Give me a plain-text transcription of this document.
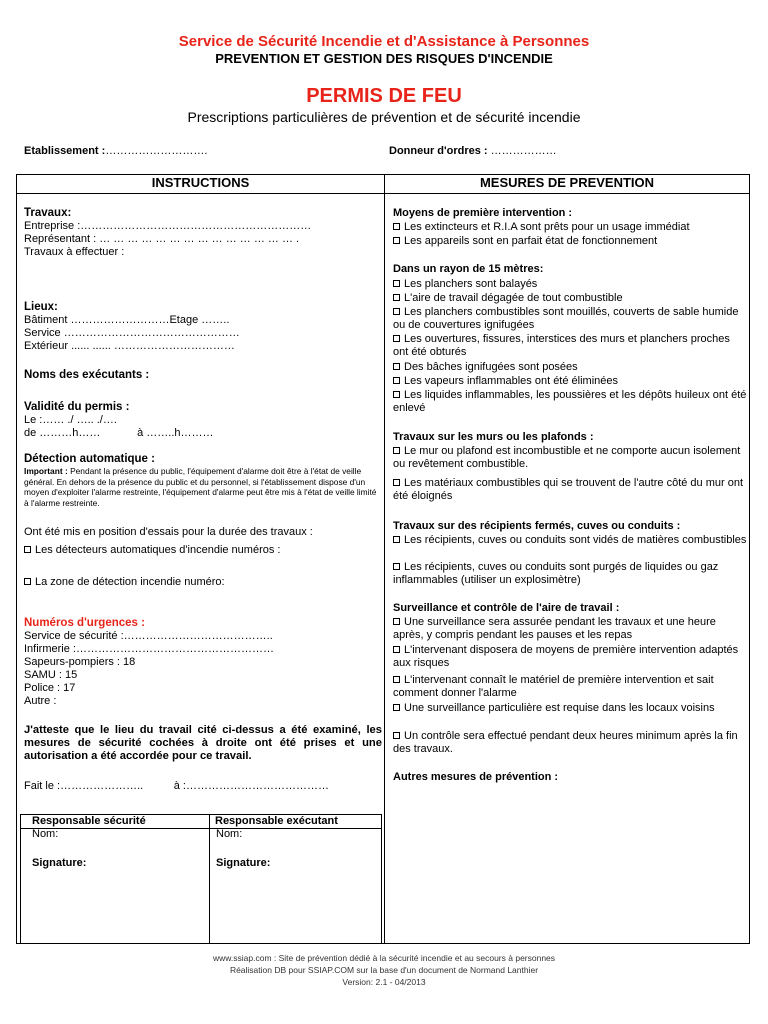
Service de Sécurité Incendie et d'Assistance à Personnes
PREVENTION ET GESTION DES RISQUES D'INCENDIE
PERMIS DE FEU
Prescriptions particulières de prévention et de sécurité incendie
Etablissement :……………………….	Donneur d'ordres : ………………
INSTRUCTIONS	MESURES DE PREVENTION
Travaux:
Entreprise :………………………………………………………
Représentant : … … … … … … … … … … … … … … .
Travaux à effectuer :
Lieux:
Bâtiment ………………………Etage ……..
Service …………………………………………
Extérieur ...... ...... ……………………………
Noms des exécutants :
Validité du permis :
Le :…… ./ ….. ./….
de ………h……            à ……..h………
Détection automatique :
Important : Pendant la présence du public, l'équipement d'alarme doit être à l'état de veille général. En dehors de la présence du public et du personnel, si l'établissement dispose d'un moyen d'exploiter l'alarme restreinte, l'équipement d'alarme peut être mis à l'état de veille limité à l'alarme restreinte.
Ont été mis en position d'essais pour la durée des travaux :
Les détecteurs automatiques d'incendie numéros :
La zone de détection incendie numéro:
Numéros d'urgences :
Service de sécurité :…………………………………..
Infirmerie :………………………………………………
Sapeurs-pompiers : 18
SAMU : 15
Police : 17
Autre :
J'atteste que le lieu du travail cité ci-dessus a été examiné, les mesures de sécurité cochées à droite ont été prises et une autorisation a été accordée pour ce travail.
Fait le :…………………..          à :…………………………………
Responsable sécurité	Responsable exécutant
Nom:	Nom:
Signature:	Signature:
Moyens de première intervention :
Les extincteurs et R.I.A sont prêts pour un usage immédiat
Les appareils sont en parfait état de fonctionnement
Dans un rayon de 15 mètres:
Les planchers sont balayés
L'aire de travail dégagée de tout combustible
Les planchers combustibles sont mouillés, couverts de sable humide ou de couvertures ignifugées
Les ouvertures, fissures, interstices des murs et planchers proches ont été obturés
Des bâches ignifugées sont posées
Les vapeurs inflammables ont été éliminées
Les liquides inflammables, les poussières et les dépôts huileux ont été enlevé
Travaux sur les murs ou les plafonds :
Le mur ou plafond est incombustible et ne comporte aucun isolement ou revêtement combustible.
Les matériaux combustibles qui se trouvent de l'autre côté du mur ont été éloignés
Travaux sur des récipients fermés, cuves ou conduits :
Les récipients, cuves ou conduits sont vidés de matières combustibles
Les récipients, cuves ou conduits sont purgés de liquides ou gaz inflammables (utiliser un explosimètre)
Surveillance et contrôle de l'aire de travail :
Une surveillance sera assurée pendant les travaux et une heure après, y compris pendant les pauses et les repas
L'intervenant disposera de moyens de première intervention adaptés aux risques
L'intervenant connaît le matériel de première intervention et sait comment donner l'alarme
Une surveillance particulière est requise dans les locaux voisins
Un contrôle sera effectué pendant deux heures minimum après la fin des travaux.
Autres mesures de prévention :
www.ssiap.com : Site de prévention dédié à la sécurité incendie et au secours à personnes
Réalisation DB pour SSIAP.COM sur la base d'un document de Normand Lanthier
Version: 2.1 - 04/2013
